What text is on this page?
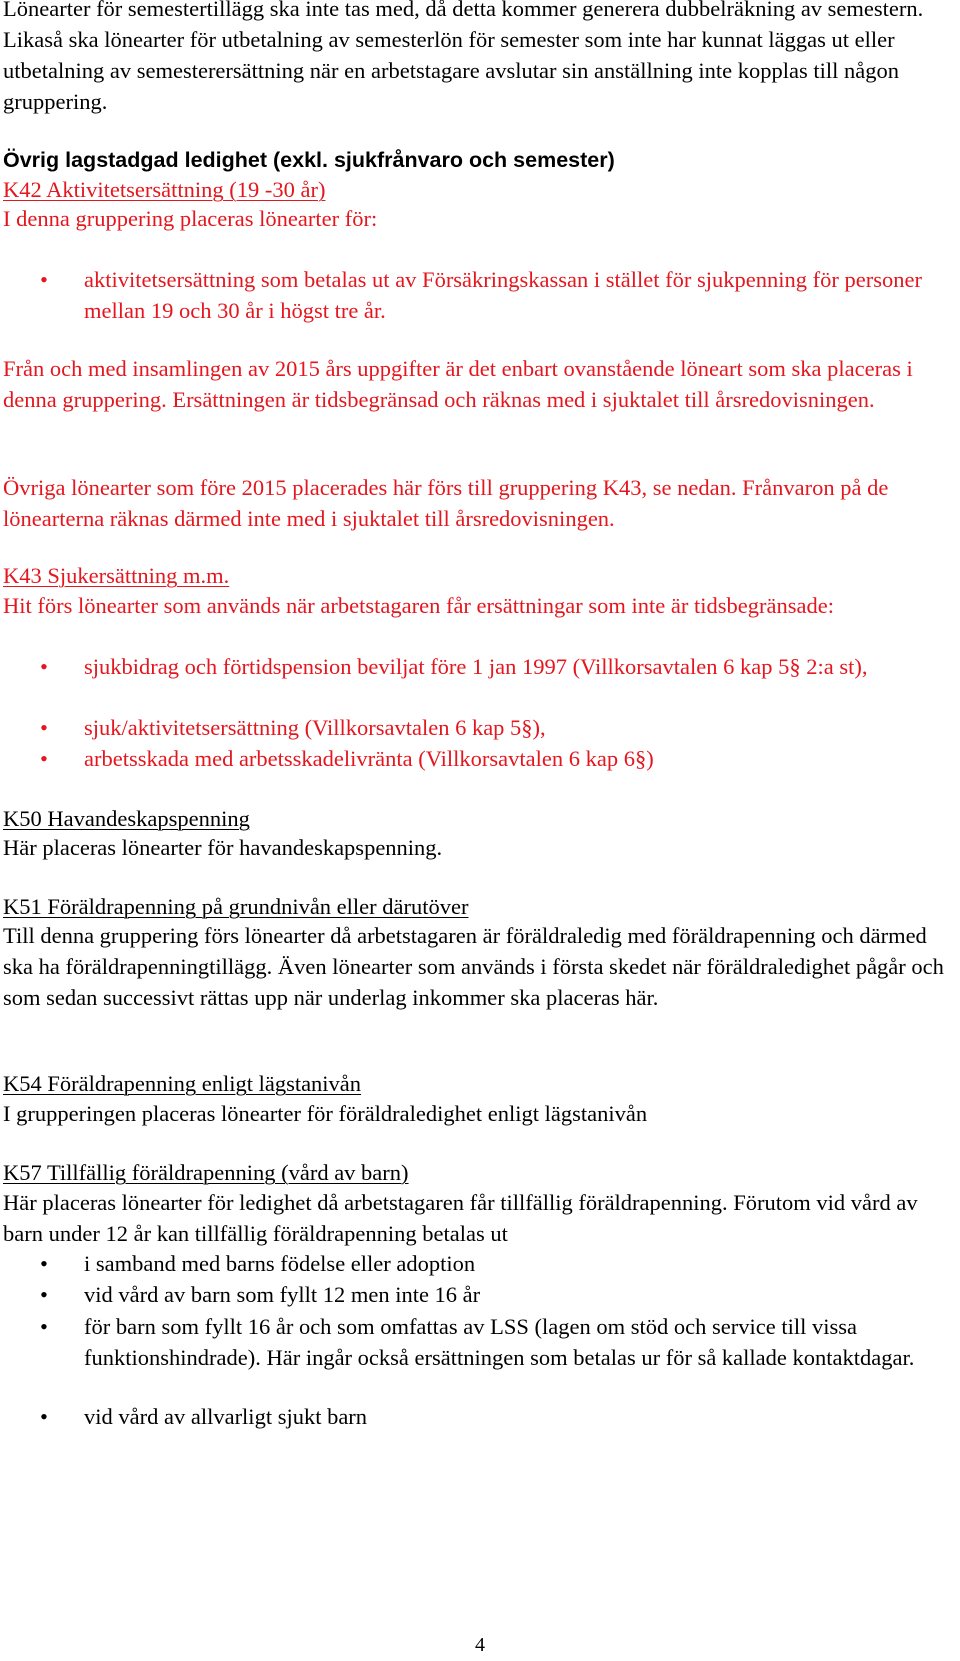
Lönearter för semestertillägg ska inte tas med, då detta kommer generera dubbelräkning av semestern. Likaså ska lönearter för utbetalning av semesterlön för semester som inte har kunnat läggas ut eller utbetalning av semesterersättning när en arbetstagare avslutar sin anställning inte kopplas till någon gruppering.

Övrig lagstadgad ledighet (exkl. sjukfrånvaro och semester)

K42 Aktivitetsersättning (19 -30 år)

I denna gruppering placeras lönearter för:

•	aktivitetsersättning som betalas ut av Försäkringskassan i stället för sjukpenning för personer mellan 19 och 30 år i högst tre år.

Från och med insamlingen av 2015 års uppgifter är det enbart ovanstående löneart som ska placeras i denna gruppering. Ersättningen är tidsbegränsad och räknas med i sjuktalet till årsredovisningen.

Övriga lönearter som före 2015 placerades här förs till gruppering K43, se nedan. Frånvaron på de lönearterna räknas därmed inte med i sjuktalet till årsredovisningen.

K43 Sjukersättning m.m.

Hit förs lönearter som används när arbetstagaren får ersättningar som inte är tidsbegränsade:

•	sjukbidrag och förtidspension beviljat före 1 jan 1997 (Villkorsavtalen 6 kap 5§ 2:a st),

•	sjuk/aktivitetsersättning (Villkorsavtalen 6 kap 5§),

•	arbetsskada med arbetsskadelivränta (Villkorsavtalen 6 kap 6§)

K50 Havandeskapspenning

Här placeras lönearter för havandeskapspenning.

K51 Föräldrapenning på grundnivån eller därutöver

Till denna gruppering förs lönearter då arbetstagaren är föräldraledig med föräldrapenning och därmed ska ha föräldrapenningtillägg. Även lönearter som används i första skedet när föräldraledighet pågår och som sedan successivt rättas upp när underlag inkommer ska placeras här.

K54 Föräldrapenning enligt lägstanivån

I grupperingen placeras lönearter för föräldraledighet enligt lägstanivån

K57 Tillfällig föräldrapenning (vård av barn)

Här placeras lönearter för ledighet då arbetstagaren får tillfällig föräldrapenning. Förutom vid vård av barn under 12 år kan tillfällig föräldrapenning betalas ut

•	i samband med barns födelse eller adoption

•	vid vård av barn som fyllt 12 men inte 16 år

•	för barn som fyllt 16 år och som omfattas av LSS (lagen om stöd och service till vissa funktionshindrade). Här ingår också ersättningen som betalas ur för så kallade kontaktdagar.

•	vid vård av allvarligt sjukt barn

4
